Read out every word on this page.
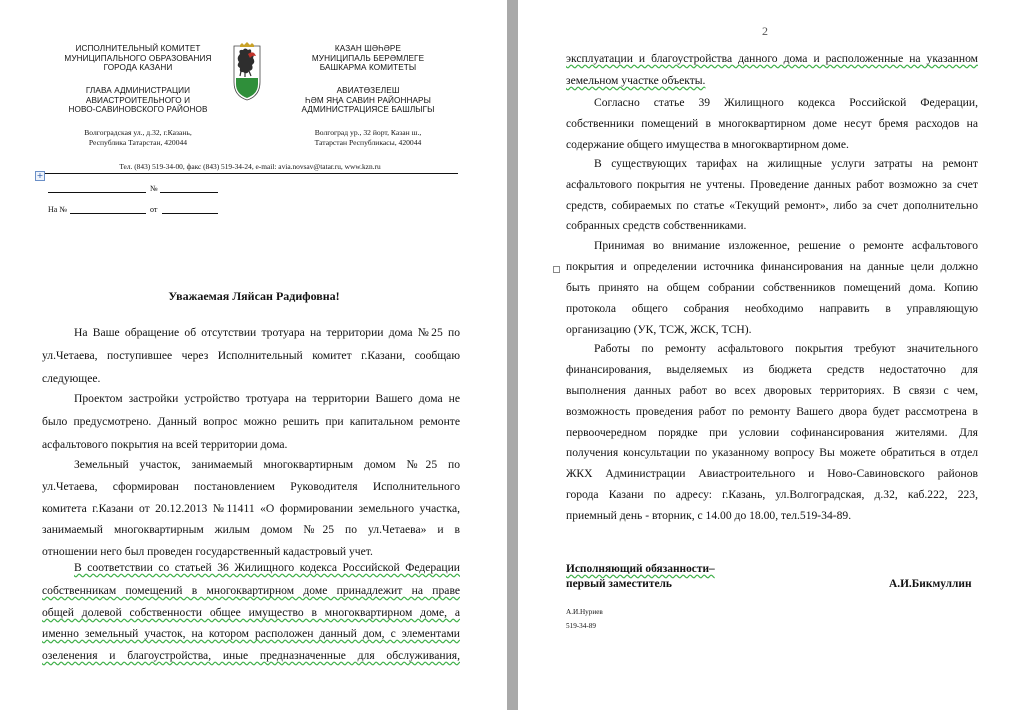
ИСПОЛНИТЕЛЬНЫЙ КОМИТЕТ
МУНИЦИПАЛЬНОГО ОБРАЗОВАНИЯ
ГОРОДА КАЗАНИ
ГЛАВА АДМИНИСТРАЦИИ
АВИАСТРОИТЕЛЬНОГО И
НОВО-САВИНОВСКОГО РАЙОНОВ
Волгоградская ул., д.32, г.Казань,
Республика Татарстан, 420044
КАЗАН ШӘҺӘРЕ
МУНИЦИПАЛЬ БЕРӘМЛЕГЕ
БАШКАРМА КОМИТЕТЫ
АВИАТӨЗЕЛЕШ
ҺӘМ ЯҢА САВИН РАЙОННАРЫ
АДМИНИСТРАЦИЯСЕ БАШЛЫГЫ
Волгоград ур., 32 йорт, Казан ш.,
Татарстан Республикасы, 420044
Тел. (843) 519-34-00, факс (843) 519-34-24, e-mail: avia.novsav@tatar.ru, www.kzn.ru
+
№
На №	от
Уважаемая Ляйсан Радифовна!
На Ваше обращение об отсутствии тротуара на территории дома №25 по
ул.Четаева, поступившее через Исполнительный комитет г.Казани, сообщаю
следующее.
Проектом застройки устройство тротуара на территории Вашего дома не
было предусмотрено. Данный вопрос можно решить при капитальном ремонте
асфальтового покрытия на всей территории дома.
Земельный участок, занимаемый многоквартирным домом №25 по
ул.Четаева, сформирован постановлением Руководителя Исполнительного
комитета г.Казани от 20.12.2013 №11411 «О формировании земельного участка,
занимаемый многоквартирным жилым домом №25 по ул.Четаева» и в
отношении него был проведен государственный кадастровый учет.
В соответствии со статьей 36 Жилищного кодекса Российской Федерации
собственникам помещений в многоквартирном доме принадлежит на праве
общей долевой собственности общее имущество в многоквартирном доме, а
именно земельный участок, на котором расположен данный дом, с элементами
озеленения и благоустройства, иные предназначенные для обслуживания,
2
эксплуатации и благоустройства данного дома и расположенные на указанном
земельном участке объекты.
Согласно статье 39 Жилищного кодекса Российской Федерации,
собственники помещений в многоквартирном доме несут бремя расходов на
содержание общего имущества в многоквартирном доме.
В существующих тарифах на жилищные услуги затраты на ремонт
асфальтового покрытия не учтены. Проведение данных работ возможно за счет
средств, собираемых по статье «Текущий ремонт», либо за счет дополнительно
собранных средств собственниками.
Принимая во внимание изложенное, решение о ремонте асфальтового
покрытия и определении источника финансирования на данные цели должно
быть принято на общем собрании собственников помещений дома. Копию
протокола общего собрания необходимо направить в управляющую
организацию (УК, ТСЖ, ЖСК, ТСН).
Работы по ремонту асфальтового покрытия требуют значительного
финансирования, выделяемых из бюджета средств недостаточно для
выполнения данных работ во всех дворовых территориях. В связи с чем,
возможность проведения работ по ремонту Вашего двора будет рассмотрена в
первоочередном порядке при условии софинансирования жителями. Для
получения консультации по указанному вопросу Вы можете обратиться в отдел
ЖКХ Администрации Авиастроительного и Ново-Савиновского районов
города Казани по адресу: г.Казань, ул.Волгоградская, д.32, каб.222, 223,
приемный день - вторник, с 14.00 до 18.00, тел.519-34-89.
Исполняющий обязанности–
первый заместитель	А.И.Бикмуллин
А.И.Нуриев
519-34-89
